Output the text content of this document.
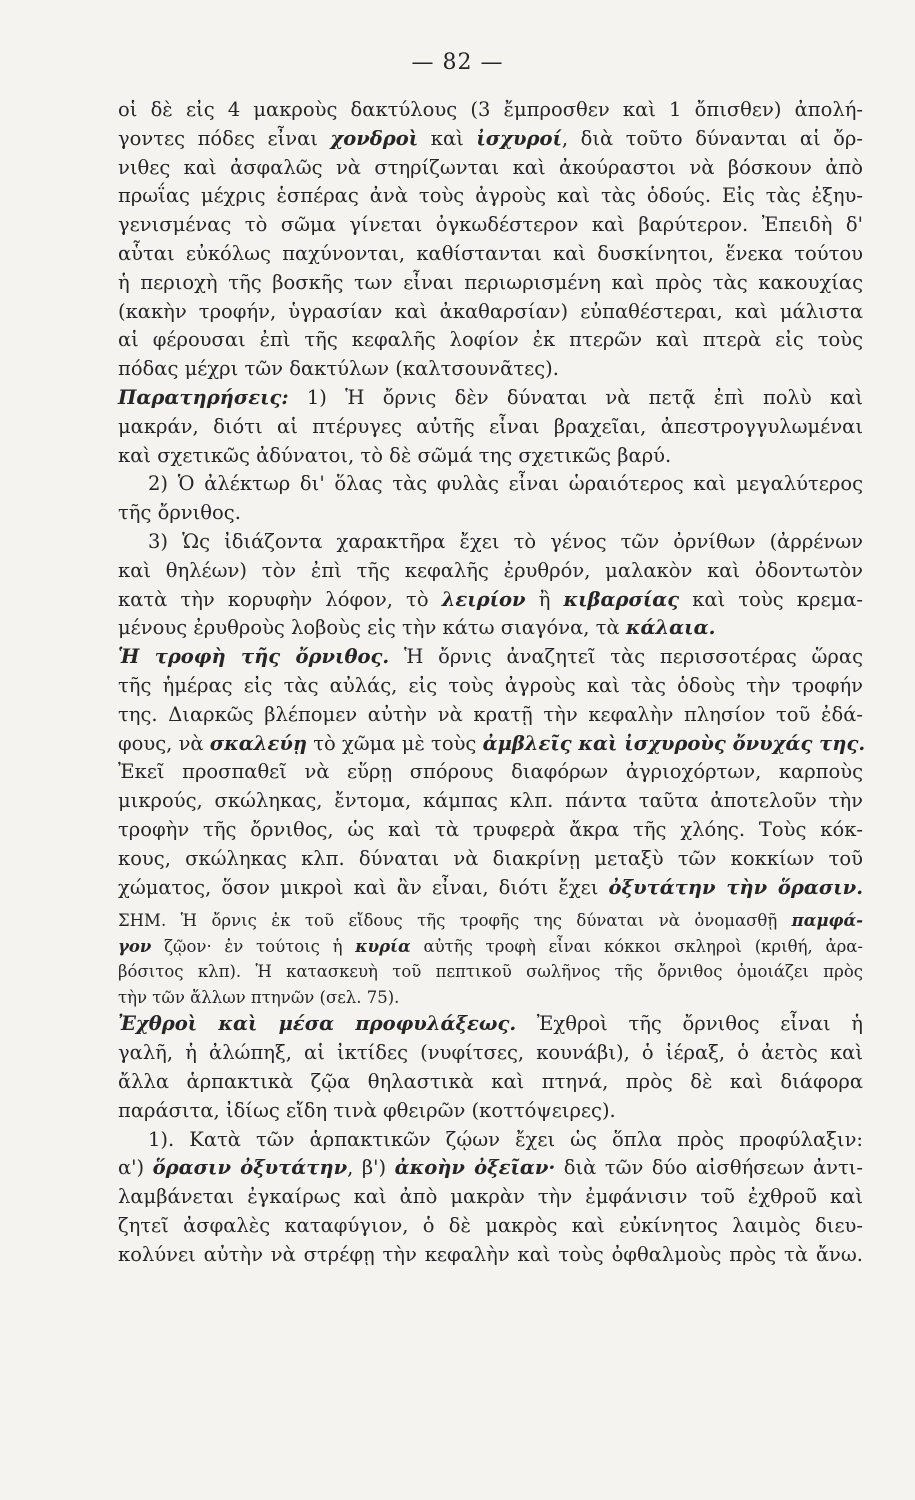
— 82 —
οἱ δὲ εἰς 4 μακροὺς δακτύλους (3 ἔμπροσθεν καὶ 1 ὄπισθεν) ἀπολή-
γοντες πόδες εἶναι χονδροὶ καὶ ἰσχυροί, διὰ τοῦτο δύνανται αἱ ὄρ-
νιθες καὶ ἀσφαλῶς νὰ στηρίζωνται καὶ ἀκούραστοι νὰ βόσκουν ἀπὸ
πρωΐας μέχρις ἑσπέρας ἀνὰ τοὺς ἀγροὺς καὶ τὰς ὁδούς. Εἰς τὰς ἐξηυ-
γενισμένας τὸ σῶμα γίνεται ὀγκωδέστερον καὶ βαρύτερον. Ἐπειδὴ δ'
αὗται εὐκόλως παχύνονται, καθίστανται καὶ δυσκίνητοι, ἕνεκα τούτου
ἡ περιοχὴ τῆς βοσκῆς των εἶναι περιωρισμένη καὶ πρὸς τὰς κακουχίας
(κακὴν τροφήν, ὑγρασίαν καὶ ἀκαθαρσίαν) εὐπαθέστεραι, καὶ μάλιστα
αἱ φέρουσαι ἐπὶ τῆς κεφαλῆς λοφίον ἐκ πτερῶν καὶ πτερὰ εἰς τοὺς
πόδας μέχρι τῶν δακτύλων (καλτσουνᾶτες).
Παρατηρήσεις: 1) Ἡ ὄρνις δὲν δύναται νὰ πετᾷ ἐπὶ πολὺ καὶ
μακράν, διότι αἱ πτέρυγες αὐτῆς εἶναι βραχεῖαι, ἀπεστρογγυλωμέναι
καὶ σχετικῶς ἀδύνατοι, τὸ δὲ σῶμά της σχετικῶς βαρύ.
2) Ὁ ἀλέκτωρ δι' ὅλας τὰς φυλὰς εἶναι ὡραιότερος καὶ μεγαλύτερος
τῆς ὄρνιθος.
3) Ὡς ἰδιάζοντα χαρακτῆρα ἔχει τὸ γένος τῶν ὀρνίθων (ἀρρένων
καὶ θηλέων) τὸν ἐπὶ τῆς κεφαλῆς ἐρυθρόν, μαλακὸν καὶ ὀδοντωτὸν
κατὰ τὴν κορυφὴν λόφον, τὸ λειρίον ἢ κιβαρσίας καὶ τοὺς κρεμα-
μένους ἐρυθροὺς λοβοὺς εἰς τὴν κάτω σιαγόνα, τὰ κάλαια.
Ἡ τροφὴ τῆς ὄρνιθος. Ἡ ὄρνις ἀναζητεῖ τὰς περισσοτέρας ὥρας
τῆς ἡμέρας εἰς τὰς αὐλάς, εἰς τοὺς ἀγροὺς καὶ τὰς ὁδοὺς τὴν τροφήν
της. Διαρκῶς βλέπομεν αὐτὴν νὰ κρατῇ τὴν κεφαλὴν πλησίον τοῦ ἐδά-
φους, νὰ σκαλεύῃ τὸ χῶμα μὲ τοὺς ἀμβλεῖς καὶ ἰσχυροὺς ὄνυχάς της.
Ἐκεῖ προσπαθεῖ νὰ εὕρῃ σπόρους διαφόρων ἀγριοχόρτων, καρποὺς
μικρούς, σκώληκας, ἔντομα, κάμπας κλπ. πάντα ταῦτα ἀποτελοῦν τὴν
τροφὴν τῆς ὄρνιθος, ὡς καὶ τὰ τρυφερὰ ἄκρα τῆς χλόης. Τοὺς κόκ-
κους, σκώληκας κλπ. δύναται νὰ διακρίνῃ μεταξὺ τῶν κοκκίων τοῦ
χώματος, ὅσον μικροὶ καὶ ἂν εἶναι, διότι ἔχει ὀξυτάτην τὴν ὅρασιν.
ΣΗΜ. Ἡ ὄρνις ἐκ τοῦ εἴδους τῆς τροφῆς της δύναται νὰ ὀνομασθῇ παμφά-
γον ζῷον· ἐν τούτοις ἡ κυρία αὐτῆς τροφὴ εἶναι κόκκοι σκληροὶ (κριθή, ἀρα-
βόσιτος κλπ). Ἡ κατασκευὴ τοῦ πεπτικοῦ σωλῆνος τῆς ὄρνιθος ὁμοιάζει πρὸς
τὴν τῶν ἄλλων πτηνῶν (σελ. 75).
Ἐχθροὶ καὶ μέσα προφυλάξεως. Ἐχθροὶ τῆς ὄρνιθος εἶναι ἡ
γαλῆ, ἡ ἀλώπηξ, αἱ ἰκτίδες (νυφίτσες, κουνάβι), ὁ ἱέραξ, ὁ ἀετὸς καὶ
ἄλλα ἁρπακτικὰ ζῷα θηλαστικὰ καὶ πτηνά, πρὸς δὲ καὶ διάφορα
παράσιτα, ἰδίως εἴδη τινὰ φθειρῶν (κοττόψειρες).
1). Κατὰ τῶν ἁρπακτικῶν ζῴων ἔχει ὡς ὅπλα πρὸς προφύλαξιν:
α') ὅρασιν ὀξυτάτην, β') ἀκοὴν ὀξεῖαν· διὰ τῶν δύο αἰσθήσεων ἀντι-
λαμβάνεται ἐγκαίρως καὶ ἀπὸ μακρὰν τὴν ἐμφάνισιν τοῦ ἐχθροῦ καὶ
ζητεῖ ἀσφαλὲς καταφύγιον, ὁ δὲ μακρὸς καὶ εὐκίνητος λαιμὸς διευ-
κολύνει αὐτὴν νὰ στρέφῃ τὴν κεφαλὴν καὶ τοὺς ὀφθαλμοὺς πρὸς τὰ ἄνω.
